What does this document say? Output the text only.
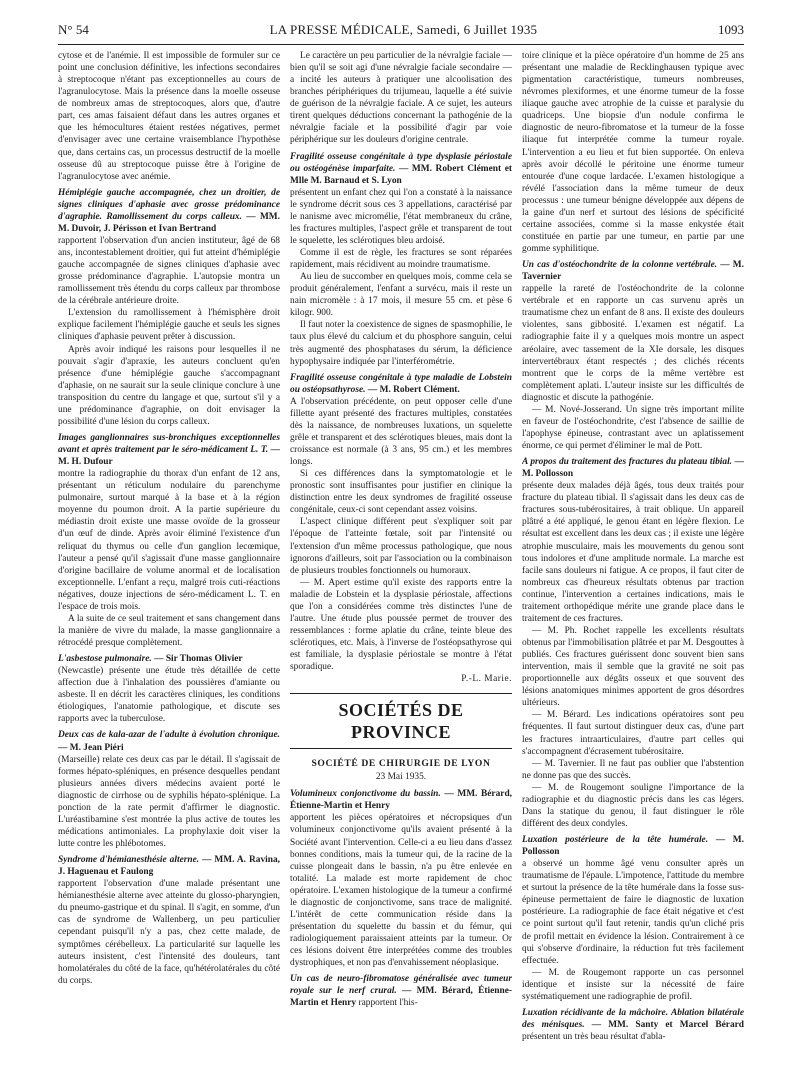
N° 54	LA PRESSE MÉDICALE, Samedi, 6 Juillet 1935	1093

cytose et de l'anémie. Il est impossible de formuler sur ce point une conclusion définitive, les infections secondaires à streptocoque n'étant pas exceptionnelles au cours de l'agranulocytose. Mais la présence dans la moelle osseuse de nombreux amas de streptocoques, alors que, d'autre part, ces amas faisaient défaut dans les autres organes et que les hémocultures étaient restées négatives, permet d'envisager avec une certaine vraisemblance l'hypothèse que, dans certains cas, un processus destructif de la moelle osseuse dû au streptocoque puisse être à l'origine de l'agranulocytose avec anémie.

Hémiplégie gauche accompagnée, chez un droitier, de signes cliniques d'aphasie avec grosse prédominance d'agraphie. Ramollissement du corps calleux. — MM. M. Duvoir, J. Périsson et Ivan Bertrand

rapportent l'observation d'un ancien instituteur, âgé de 68 ans, incontestablement droitier, qui fut atteint d'hémiplégie gauche accompagnée de signes cliniques d'aphasie avec grosse prédominance d'agraphie. L'autopsie montra un ramollissement très étendu du corps calleux par thrombose de la cérébrale antérieure droite.

L'extension du ramollissement à l'hémisphère droit explique facilement l'hémiplégie gauche et seuls les signes cliniques d'aphasie peuvent prêter à discussion.

Après avoir indiqué les raisons pour lesquelles il ne pouvait s'agir d'apraxie, les auteurs concluent qu'en présence d'une hémiplégie gauche s'accompagnant d'aphasie, on ne saurait sur la seule clinique conclure à une transposition du centre du langage et que, surtout s'il y a une prédominance d'agraphie, on doit envisager la possibilité d'une lésion du corps calleux.

Images ganglionnaires sus-bronchiques exceptionnelles avant et après traitement par le séro-médicament L. T. — M. H. Dufour

montre la radiographie du thorax d'un enfant de 12 ans, présentant un réticulum nodulaire du parenchyme pulmonaire, surtout marqué à la base et à la région moyenne du poumon droit. A la partie supérieure du médiastin droit existe une masse ovoïde de la grosseur d'un œuf de dinde. Après avoir éliminé l'existence d'un reliquat du thymus ou celle d'un ganglion lecœmique, l'auteur a pensé qu'il s'agissait d'une masse ganglionnaire d'origine bacillaire de volume anormal et de localisation exceptionnelle. L'enfant a reçu, malgré trois cuti-réactions négatives, douze injections de séro-médicament L. T. en l'espace de trois mois.

A la suite de ce seul traitement et sans changement dans la manière de vivre du malade, la masse ganglionnaire a rétrocédé presque complètement.

L'asbestose pulmonaire. — Sir Thomas Olivier

(Newcastle) présente une étude très détaillée de cette affection due à l'inhalation des poussières d'amiante ou asbeste. Il en décrit les caractères cliniques, les conditions étiologiques, l'anatomie pathologique, et discute ses rapports avec la tuberculose.

Deux cas de kala-azar de l'adulte à évolution chronique. — M. Jean Piéri

(Marseille) relate ces deux cas par le détail. Il s'agissait de formes hépato-spléniques, en présence desquelles pendant plusieurs années divers médecins avaient porté le diagnostic de cirrhose ou de syphilis hépato-splénique. La ponction de la rate permit d'affirmer le diagnostic. L'uréastibamine s'est montrée la plus active de toutes les médications antimoniales. La prophylaxie doit viser la lutte contre les phlébotomes.

Syndrome d'hémianesthésie alterne. — MM. A. Ravina, J. Haguenau et Faulong

rapportent l'observation d'une malade présentant une hémianesthésie alterne avec atteinte du glosso-pharyngien, du pneumo-gastrique et du spinal. Il s'agit, en somme, d'un cas de syndrome de Wallenberg, un peu particulier cependant puisqu'il n'y a pas, chez cette malade, de symptômes cérébelleux. La particularité sur laquelle les auteurs insistent, c'est l'intensité des douleurs, tant homolatérales du côté de la face, qu'hétérolatérales du côté du corps.

Le caractère un peu particulier de la névralgie faciale — bien qu'il se soit agi d'une névralgie faciale secondaire — a incité les auteurs à pratiquer une alcoolisation des branches périphériques du trijumeau, laquelle a été suivie de guérison de la névralgie faciale. A ce sujet, les auteurs tirent quelques déductions concernant la pathogénie de la névralgie faciale et la possibilité d'agir par voie périphérique sur les douleurs d'origine centrale.

Fragilité osseuse congénitale à type dysplasie périostale ou ostéogénèse imparfaite. — MM. Robert Clément et Mlle M. Barnaud et S. Lyon

présentent un enfant chez qui l'on a constaté à la naissance le syndrome décrit sous ces 3 appellations, caractérisé par le nanisme avec micromélie, l'état membraneux du crâne, les fractures multiples, l'aspect grêle et transparent de tout le squelette, les sclérotiques bleu ardoisé.

Comme il est de règle, les fractures se sont réparées rapidement, mais récidivent au moindre traumatisme.

Au lieu de succomber en quelques mois, comme cela se produit généralement, l'enfant a survécu, mais il reste un nain micromèle : à 17 mois, il mesure 55 cm. et pèse 6 kilogr. 900.

Il faut noter la coexistence de signes de spasmophilie, le taux plus élevé du calcium et du phosphore sanguin, celui très augmenté des phosphatases du sérum, la déficience hypophysaire indiquée par l'interférométrie.

Fragilité osseuse congénitale à type maladie de Lobstein ou ostéopsathyrose. — M. Robert Clément.

A l'observation précédente, on peut opposer celle d'une fillette ayant présenté des fractures multiples, constatées dès la naissance, de nombreuses luxations, un squelette grêle et transparent et des sclérotiques bleues, mais dont la croissance est normale (à 3 ans, 95 cm.) et les membres longs.

Si ces différences dans la symptomatologie et le pronostic sont insuffisantes pour justifier en clinique la distinction entre les deux syndromes de fragilité osseuse congénitale, ceux-ci sont cependant assez voisins.

L'aspect clinique différent peut s'expliquer soit par l'époque de l'atteinte fœtale, soit par l'intensité ou l'extension d'un même processus pathologique, que nous ignorons d'ailleurs, soit par l'association ou la combinaison de plusieurs troubles fonctionnels ou humoraux.

— M. Apert estime qu'il existe des rapports entre la maladie de Lobstein et la dysplasie périostale, affections que l'on a considérées comme très distinctes l'une de l'autre. Une étude plus poussée permet de trouver des ressemblances : forme aplatie du crâne, teinte bleue des sclérotiques, etc. Mais, à l'inverse de l'ostéopsathyrose qui est familiale, la dysplasie périostale se montre à l'état sporadique.

P.-L. Marie.

SOCIÉTÉS DE PROVINCE
SOCIÉTÉ DE CHIRURGIE DE LYON
23 Mai 1935.
Volumineux conjonctivome du bassin. — MM. Bérard, Étienne-Martin et Henry

apportent les pièces opératoires et nécropsiques d'un volumineux conjonctivome qu'ils avaient présenté à la Société avant l'intervention. Celle-ci a eu lieu dans d'assez bonnes conditions, mais la tumeur qui, de la racine de la cuisse plongeait dans le bassin, n'a pu être enlevée en totalité. La malade est morte rapidement de choc opératoire. L'examen histologique de la tumeur a confirmé le diagnostic de conjonctivome, sans trace de malignité. L'intérêt de cette communication réside dans la présentation du squelette du bassin et du fémur, qui radiologiquement paraissaient atteints par la tumeur. Or ces lésions doivent être interprétées comme des troubles dystrophiques, et non pas d'envahissement néoplasique.

Un cas de neuro-fibromatose généralisée avec tumeur royale sur le nerf crural. — MM. Bérard, Étienne-Martin et Henry rapportent l'his-

toire clinique et la pièce opératoire d'un homme de 25 ans présentant une maladie de Recklinghausen typique avec pigmentation caractéristique, tumeurs nombreuses, névromes plexiformes, et une énorme tumeur de la fosse iliaque gauche avec atrophie de la cuisse et paralysie du quadriceps. Une biopsie d'un nodule confirma le diagnostic de neuro-fibromatose et la tumeur de la fosse iliaque fut interprétée comme la tumeur royale. L'intervention a eu lieu et fut bien supportée. On enleva après avoir décollé le péritoine une énorme tumeur entourée d'une coque lardacée. L'examen histologique a révélé l'association dans la même tumeur de deux processus : une tumeur bénigne développée aux dépens de la gaine d'un nerf et surtout des lésions de spécificité certaine associées, comme si la masse enkystée était constituée en partie par une tumeur, en partie par une gomme syphilitique.

Un cas d'ostéochondrite de la colonne vertébrale. — M. Tavernier

rappelle la rareté de l'ostéochondrite de la colonne vertébrale et en rapporte un cas survenu après un traumatisme chez un enfant de 8 ans. Il existe des douleurs violentes, sans gibbosité. L'examen est négatif. La radiographie faite il y a quelques mois montre un aspect aréolaire, avec tassement de la XIe dorsale, les disques intervertébraux étant respectés ; des clichés récents montrent que le corps de la même vertèbre est complètement aplati. L'auteur insiste sur les difficultés de diagnostic et discute la pathogénie.

— M. Nové-Josserand. Un signe très important milite en faveur de l'ostéochondrite, c'est l'absence de saillie de l'apophyse épineuse, contrastant avec un aplatissement énorme, ce qui permet d'éliminer le mal de Pott.

A propos du traitement des fractures du plateau tibial. — M. Pollosson

présente deux malades déjà âgés, tous deux traités pour fracture du plateau tibial. Il s'agissait dans les deux cas de fractures sous-tubérositaires, à trait oblique. Un appareil plâtré a été appliqué, le genou étant en légère flexion. Le résultat est excellent dans les deux cas ; il existe une légère atrophie musculaire, mais les mouvements du genou sont tous indolores et d'une amplitude normale. La marche est facile sans douleurs ni fatigue. A ce propos, il faut citer de nombreux cas d'heureux résultats obtenus par traction continue, l'intervention a certaines indications, mais le traitement orthopédique mérite une grande place dans le traitement de ces fractures.

— M. Ph. Rochet rappelle les excellents résultats obtenus par l'immobilisation plâtrée et par M. Desgouttes à publiés. Ces fractures guérissent donc souvent bien sans intervention, mais il semble que la gravité ne soit pas proportionnelle aux dégâts osseux et que souvent des lésions anatomiques minimes apportent de gros désordres ultérieurs.

— M. Bérard. Les indications opératoires sont peu fréquentes. Il faut surtout distinguer deux cas, d'une part les fractures intraarticulaires, d'autre part celles qui s'accompagnent d'écrasement tubérositaire.

— M. Tavernier. Il ne faut pas oublier que l'abstention ne donne pas que des succès.

— M. de Rougemont souligne l'importance de la radiographie et du diagnostic précis dans les cas légers. Dans la statique du genou, il faut distinguer le rôle différent des deux condyles.

Luxation postérieure de la tête humérale. — M. Pollosson

a observé un homme âgé venu consulter après un traumatisme de l'épaule. L'impotence, l'attitude du membre et surtout la présence de la tête humérale dans la fosse sus-épineuse permettaient de faire le diagnostic de luxation postérieure. La radiographie de face était négative et c'est ce point surtout qu'il faut retenir, tandis qu'un cliché pris de profil mettait en évidence la lésion. Contrairement à ce qui s'observe d'ordinaire, la réduction fut très facilement effectuée.

— M. de Rougemont rapporte un cas personnel identique et insiste sur la nécessité de faire systématiquement une radiographie de profil.

Luxation récidivante de la mâchoire. Ablation bilatérale des ménisques. — MM. Santy et Marcel Bérard présentent un très beau résultat d'abla-
